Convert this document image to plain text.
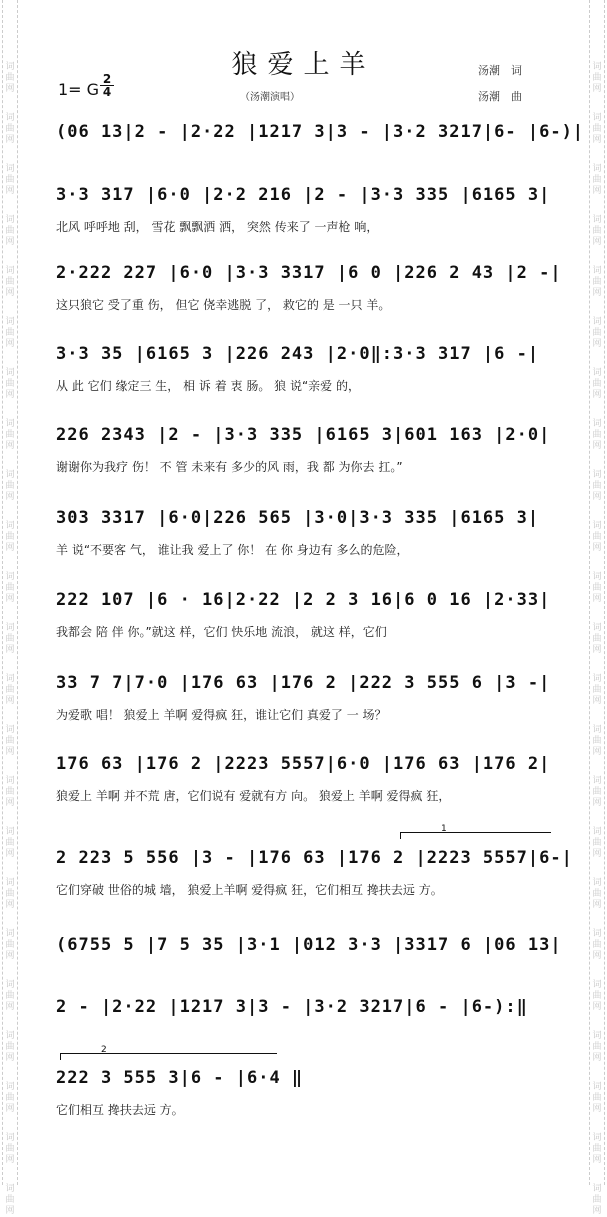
词
曲
网
词
曲
网
词
曲
网
词
曲
网
词
曲
网
词
曲
网
词
曲
网
词
曲
网
词
曲
网
词
曲
网
词
曲
网
词
曲
网
词
曲
网
词
曲
网
词
曲
网
词
曲
网
词
曲
网
词
曲
网
词
曲
网
词
曲
网
词
曲
网
词
曲
网
词
曲
网
词
曲
网
词
曲
网
词
曲
网
词
曲
网
词
曲
网
词
曲
网
词
曲
网
词
曲
网
词
曲
网
词
曲
网
词
曲
网
词
曲
网
词
曲
网
词
曲
网
词
曲
网
词
曲
网
词
曲
网
词
曲
网
词
曲
网
词
曲
网
词
曲
网
词
曲
网
词
曲
网
狼爱上羊	汤潮　词
汤潮　曲
1= G $\frac{2}{4}$	（汤潮演唱）
(06 13|2 - |2·22 |1217 3|3 - |3·2 3217|6- |6-)|
3·3 317 |6·0 |2·2 216 |2 - |3·3 335 |6165 3|
北风 呼呼地 刮， 雪花 飘飘洒 洒， 突然 传来了 一声枪 响，
2·222 227 |6·0 |3·3 3317 |6 0 |226 2 43 |2 -|
这只狼它 受了重 伤， 但它 侥幸逃脱 了， 救它的 是 一只 羊。
3·3 35 |6165 3 |226 243 |2·0‖:3·3 317 |6 -|
从 此 它们 缘定三 生， 相 诉 着 衷 肠。 狼 说“亲爱 的，
226 2343 |2 - |3·3 335 |6165 3|601 163 |2·0|
谢谢你为我疗 伤！ 不 管 未来有 多少的风 雨，我 都 为你去 扛。”
303 3317 |6·0|226 565 |3·0|3·3 335 |6165 3|
羊 说“不要客 气， 谁让我 爱上了 你！ 在 你 身边有 多么的危险，
222 107 |6 · 16|2·22 |2 2 3 16|6 0 16 |2·33|
我都会 陪 伴 你。”就这 样，它们 快乐地 流浪， 就这 样，它们
33 7 7|7·0 |176 63 |176 2 |222 3 555 6 |3 -|
为爱歌 唱！ 狼爱上 羊啊 爱得疯 狂，谁让它们 真爱了 一 场？
176 63 |176 2 |2223 5557|6·0 |176 63 |176 2|
狼爱上 羊啊 并不荒 唐，它们说有 爱就有方 向。 狼爱上 羊啊 爱得疯 狂，
2 223 5 556 |3 - |176 63 |176 2 |2223 5557|6-|
它们穿破 世俗的城 墙， 狼爱上羊啊 爱得疯 狂，它们相互 搀扶去远 方。
(6755 5 |7 5 35 |3·1 |012 3·3 |3317 6 |06 13|
2 - |2·22 |1217 3|3 - |3·2 3217|6 - |6-):‖
222 3 555 3|6 - |6·4 ‖
它们相互 搀扶去远 方。
1
2
